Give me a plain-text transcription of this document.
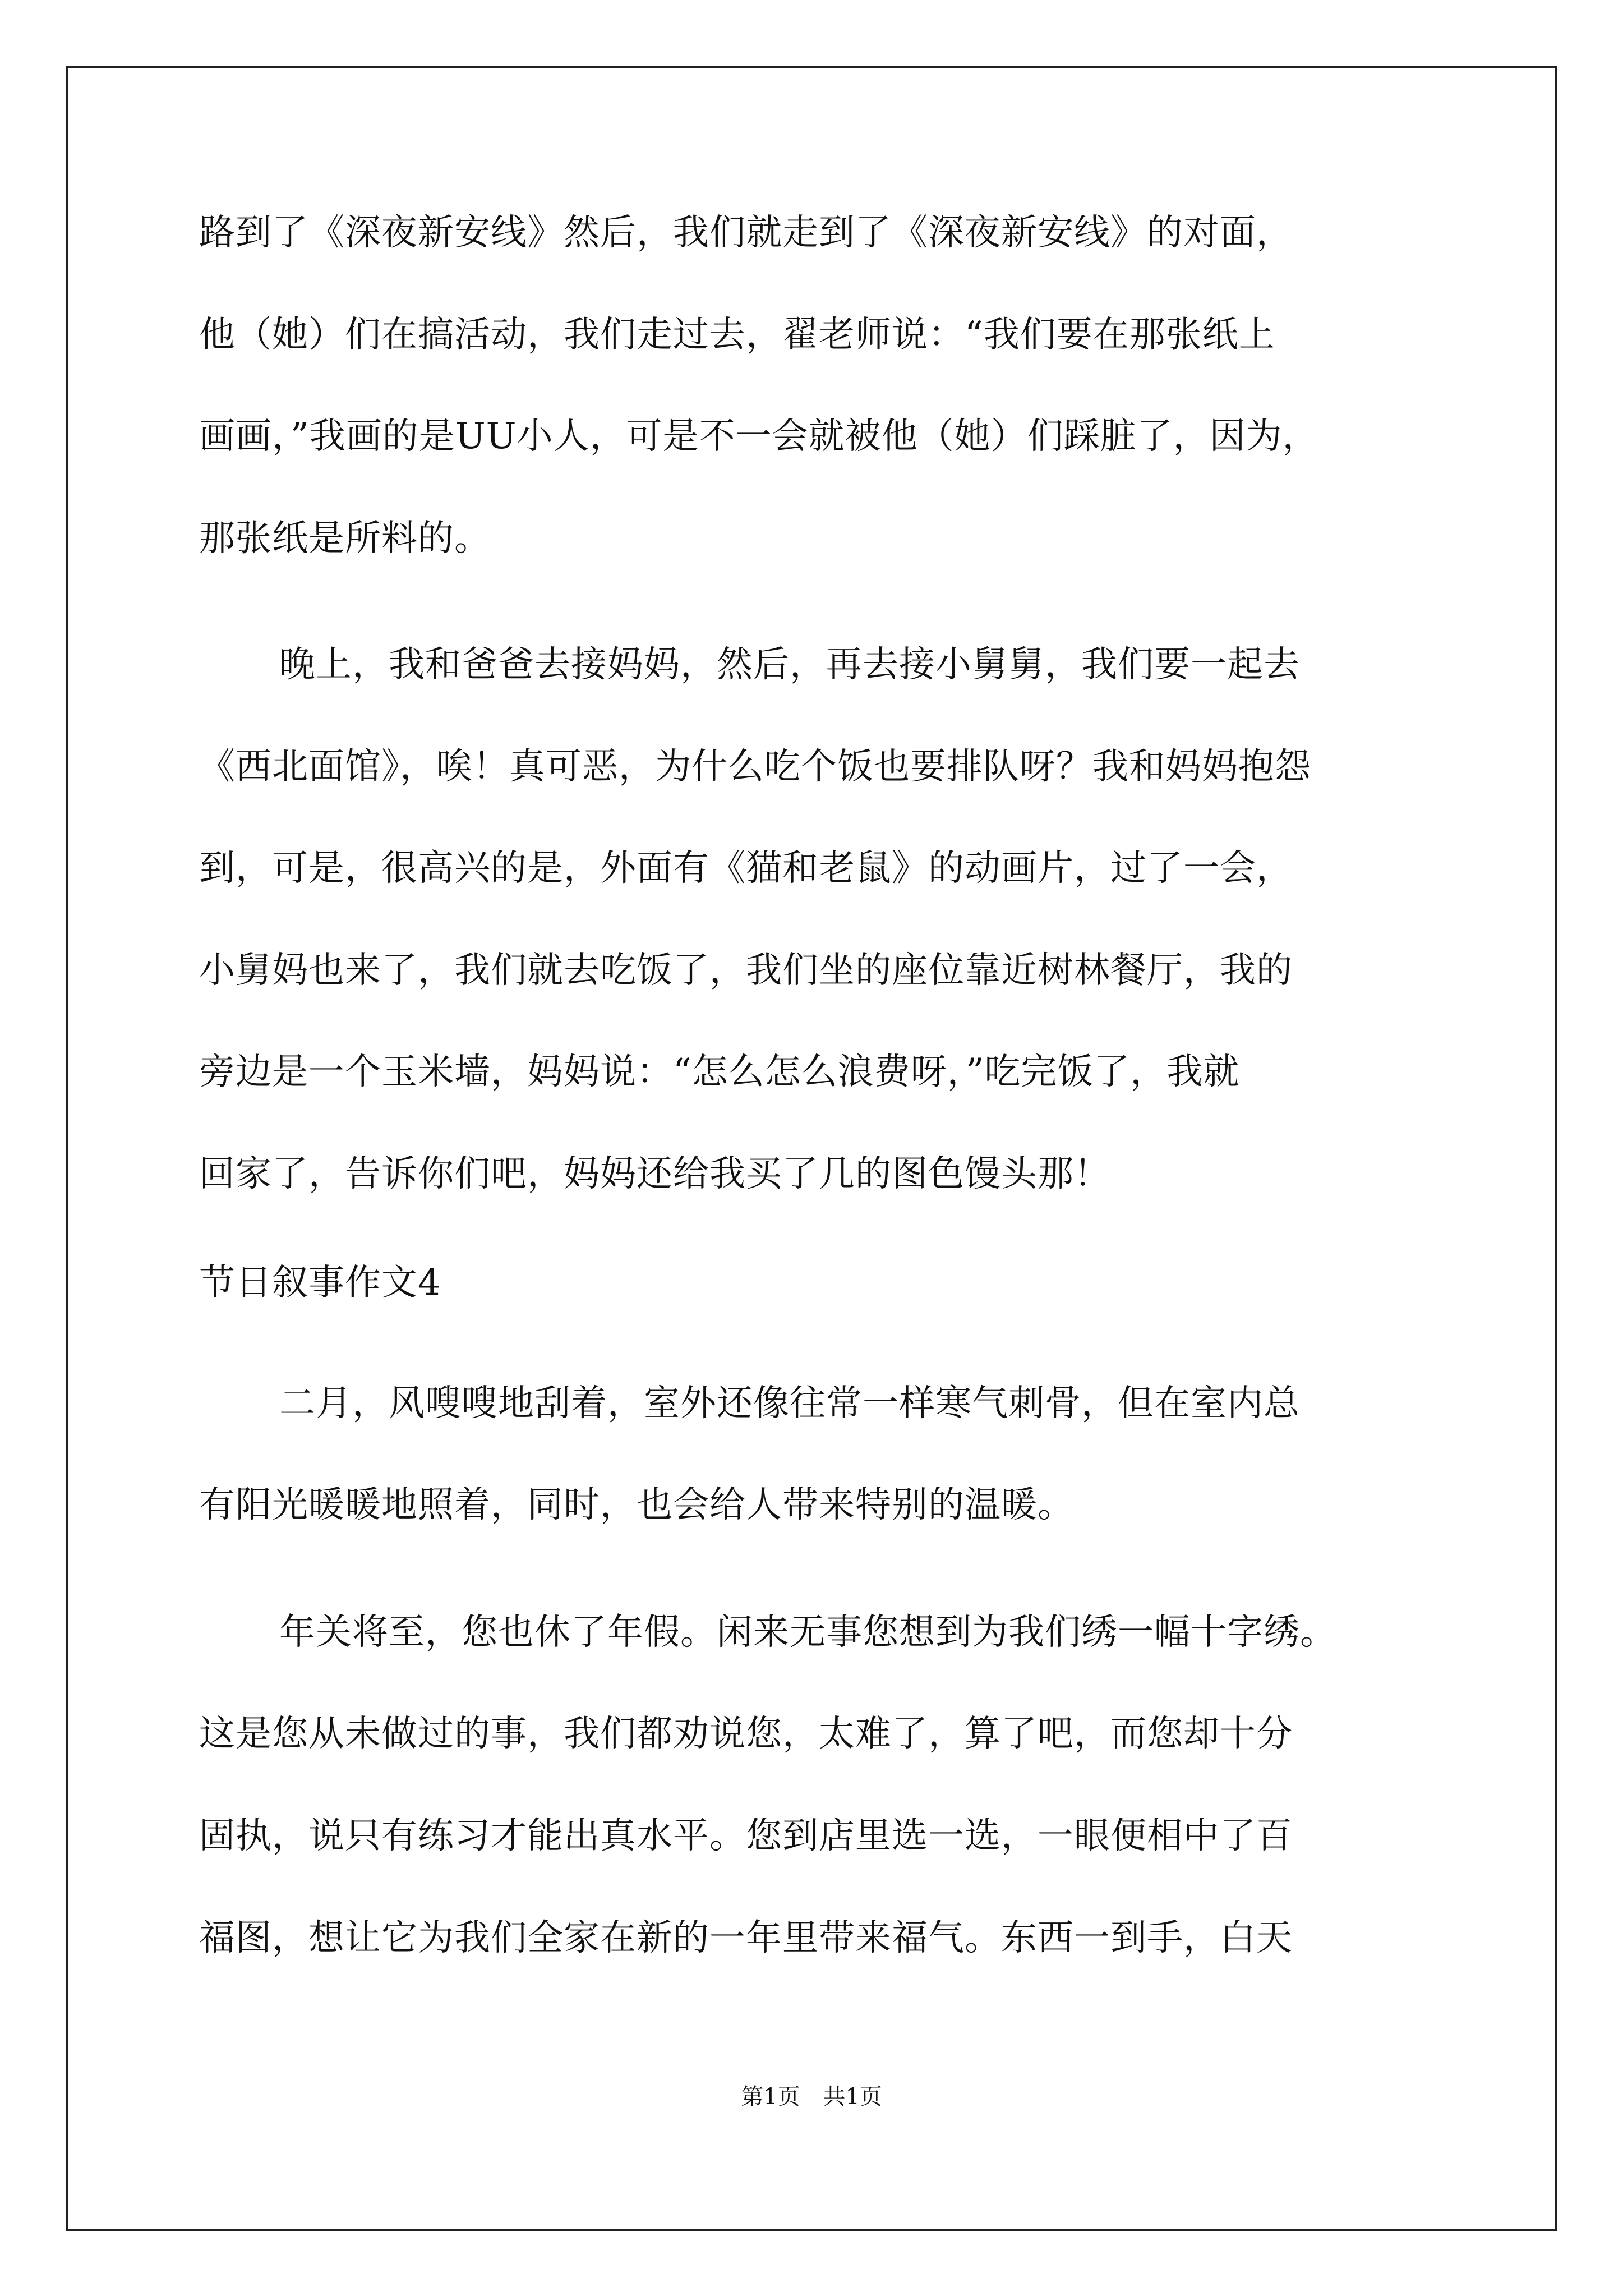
路到了《深夜新安线》然后，我们就走到了《深夜新安线》的对面，
他（她）们在搞活动，我们走过去，翟老师说：“我们要在那张纸上
画画，”我画的是UU小人，可是不一会就被他（她）们踩脏了，因为，
那张纸是所料的。
晚上，我和爸爸去接妈妈，然后，再去接小舅舅，我们要一起去
《西北面馆》，唉！真可恶，为什么吃个饭也要排队呀？我和妈妈抱怨
到，可是，很高兴的是，外面有《猫和老鼠》的动画片，过了一会，
小舅妈也来了，我们就去吃饭了，我们坐的座位靠近树林餐厅，我的
旁边是一个玉米墙，妈妈说：“怎么怎么浪费呀，”吃完饭了，我就
回家了，告诉你们吧，妈妈还给我买了几的图色馒头那！
节日叙事作文4
二月，风嗖嗖地刮着，室外还像往常一样寒气刺骨，但在室内总
有阳光暖暖地照着，同时，也会给人带来特别的温暖。
年关将至，您也休了年假。闲来无事您想到为我们绣一幅十字绣。
这是您从未做过的事，我们都劝说您，太难了，算了吧，而您却十分
固执，说只有练习才能出真水平。您到店里选一选，一眼便相中了百
福图，想让它为我们全家在新的一年里带来福气。东西一到手，白天
第1页 共1页
